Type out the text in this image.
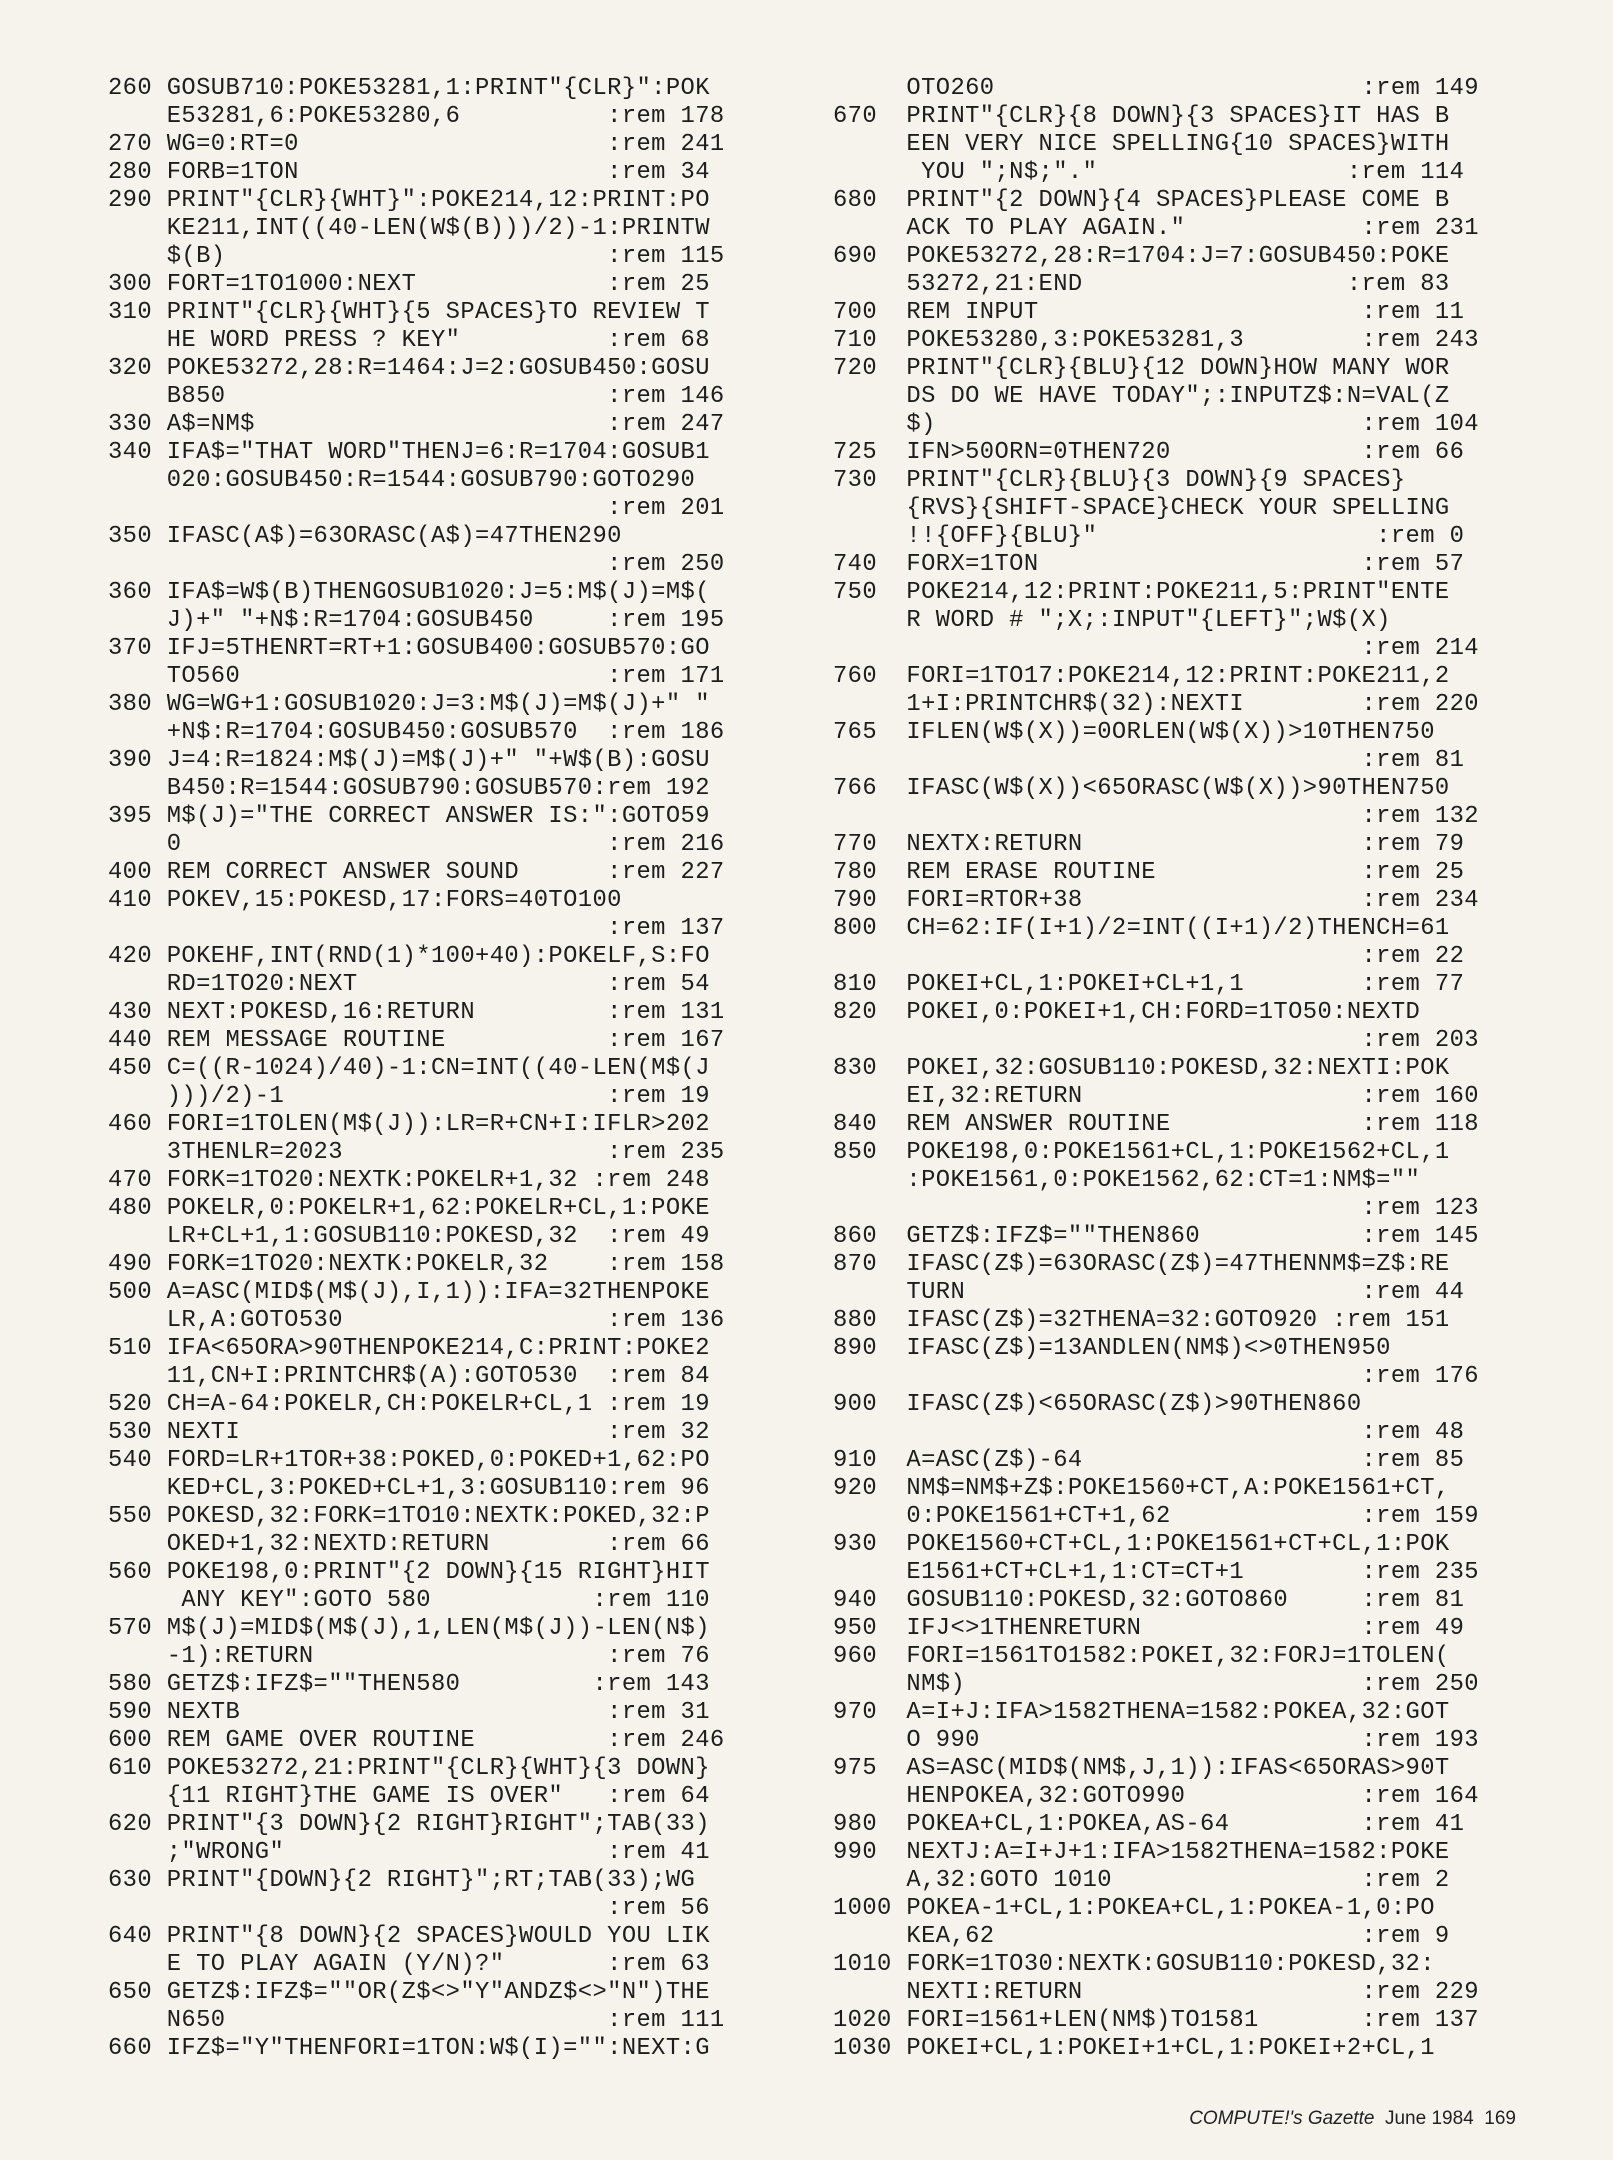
260 GOSUB710:POKE53281,1:PRINT"{CLR}":POK
E53281,6:POKE53280,6          :rem 178
270 WG=0:RT=0                     :rem 241
280 FORB=1TON                     :rem 34
290 PRINT"{CLR}{WHT}":POKE214,12:PRINT:PO
KE211,INT((40-LEN(W$(B)))/2)-1:PRINTW
$(B)                          :rem 115
300 FORT=1TO1000:NEXT             :rem 25
310 PRINT"{CLR}{WHT}{5 SPACES}TO REVIEW T
HE WORD PRESS ? KEY"          :rem 68
320 POKE53272,28:R=1464:J=2:GOSUB450:GOSU
B850                          :rem 146
330 A$=NM$                        :rem 247
340 IFA$="THAT WORD"THENJ=6:R=1704:GOSUB1
020:GOSUB450:R=1544:GOSUB790:GOTO290
:rem 201
350 IFASC(A$)=63ORASC(A$)=47THEN290
:rem 250
360 IFA$=W$(B)THENGOSUB1020:J=5:M$(J)=M$(
J)+" "+N$:R=1704:GOSUB450     :rem 195
370 IFJ=5THENRT=RT+1:GOSUB400:GOSUB570:GO
TO560                         :rem 171
380 WG=WG+1:GOSUB1020:J=3:M$(J)=M$(J)+" "
+N$:R=1704:GOSUB450:GOSUB570  :rem 186
390 J=4:R=1824:M$(J)=M$(J)+" "+W$(B):GOSU
B450:R=1544:GOSUB790:GOSUB570:rem 192
395 M$(J)="THE CORRECT ANSWER IS:":GOTO59
0                             :rem 216
400 REM CORRECT ANSWER SOUND      :rem 227
410 POKEV,15:POKESD,17:FORS=40TO100
:rem 137
420 POKEHF,INT(RND(1)*100+40):POKELF,S:FO
RD=1TO20:NEXT                 :rem 54
430 NEXT:POKESD,16:RETURN         :rem 131
440 REM MESSAGE ROUTINE           :rem 167
450 C=((R-1024)/40)-1:CN=INT((40-LEN(M$(J
)))/2)-1                      :rem 19
460 FORI=1TOLEN(M$(J)):LR=R+CN+I:IFLR>202
3THENLR=2023                  :rem 235
470 FORK=1TO20:NEXTK:POKELR+1,32 :rem 248
480 POKELR,0:POKELR+1,62:POKELR+CL,1:POKE
LR+CL+1,1:GOSUB110:POKESD,32  :rem 49
490 FORK=1TO20:NEXTK:POKELR,32    :rem 158
500 A=ASC(MID$(M$(J),I,1)):IFA=32THENPOKE
LR,A:GOTO530                  :rem 136
510 IFA<65ORA>90THENPOKE214,C:PRINT:POKE2
11,CN+I:PRINTCHR$(A):GOTO530  :rem 84
520 CH=A-64:POKELR,CH:POKELR+CL,1 :rem 19
530 NEXTI                         :rem 32
540 FORD=LR+1TOR+38:POKED,0:POKED+1,62:PO
KED+CL,3:POKED+CL+1,3:GOSUB110:rem 96
550 POKESD,32:FORK=1TO10:NEXTK:POKED,32:P
OKED+1,32:NEXTD:RETURN        :rem 66
560 POKE198,0:PRINT"{2 DOWN}{15 RIGHT}HIT
ANY KEY":GOTO 580           :rem 110
570 M$(J)=MID$(M$(J),1,LEN(M$(J))-LEN(N$)
-1):RETURN                    :rem 76
580 GETZ$:IFZ$=""THEN580         :rem 143
590 NEXTB                         :rem 31
600 REM GAME OVER ROUTINE         :rem 246
610 POKE53272,21:PRINT"{CLR}{WHT}{3 DOWN}
{11 RIGHT}THE GAME IS OVER"   :rem 64
620 PRINT"{3 DOWN}{2 RIGHT}RIGHT";TAB(33)
;"WRONG"                      :rem 41
630 PRINT"{DOWN}{2 RIGHT}";RT;TAB(33);WG
:rem 56
640 PRINT"{8 DOWN}{2 SPACES}WOULD YOU LIK
E TO PLAY AGAIN (Y/N)?"       :rem 63
650 GETZ$:IFZ$=""OR(Z$<>"Y"ANDZ$<>"N")THE
N650                          :rem 111
660 IFZ$="Y"THENFORI=1TON:W$(I)="":NEXT:G
OTO260                         :rem 149
670  PRINT"{CLR}{8 DOWN}{3 SPACES}IT HAS B
EEN VERY NICE SPELLING{10 SPACES}WITH
YOU ";N$;"."                 :rem 114
680  PRINT"{2 DOWN}{4 SPACES}PLEASE COME B
ACK TO PLAY AGAIN."            :rem 231
690  POKE53272,28:R=1704:J=7:GOSUB450:POKE
53272,21:END                  :rem 83
700  REM INPUT                      :rem 11
710  POKE53280,3:POKE53281,3        :rem 243
720  PRINT"{CLR}{BLU}{12 DOWN}HOW MANY WOR
DS DO WE HAVE TODAY";:INPUTZ$:N=VAL(Z
$)                             :rem 104
725  IFN>50ORN=0THEN720             :rem 66
730  PRINT"{CLR}{BLU}{3 DOWN}{9 SPACES}
{RVS}{SHIFT-SPACE}CHECK YOUR SPELLING
!!{OFF}{BLU}"                   :rem 0
740  FORX=1TON                      :rem 57
750  POKE214,12:PRINT:POKE211,5:PRINT"ENTE
R WORD # ";X;:INPUT"{LEFT}";W$(X)
:rem 214
760  FORI=1TO17:POKE214,12:PRINT:POKE211,2
1+I:PRINTCHR$(32):NEXTI        :rem 220
765  IFLEN(W$(X))=0ORLEN(W$(X))>10THEN750
:rem 81
766  IFASC(W$(X))<65ORASC(W$(X))>90THEN750
:rem 132
770  NEXTX:RETURN                   :rem 79
780  REM ERASE ROUTINE              :rem 25
790  FORI=RTOR+38                   :rem 234
800  CH=62:IF(I+1)/2=INT((I+1)/2)THENCH=61
:rem 22
810  POKEI+CL,1:POKEI+CL+1,1        :rem 77
820  POKEI,0:POKEI+1,CH:FORD=1TO50:NEXTD
:rem 203
830  POKEI,32:GOSUB110:POKESD,32:NEXTI:POK
EI,32:RETURN                   :rem 160
840  REM ANSWER ROUTINE             :rem 118
850  POKE198,0:POKE1561+CL,1:POKE1562+CL,1
:POKE1561,0:POKE1562,62:CT=1:NM$=""
:rem 123
860  GETZ$:IFZ$=""THEN860           :rem 145
870  IFASC(Z$)=63ORASC(Z$)=47THENNM$=Z$:RE
TURN                           :rem 44
880  IFASC(Z$)=32THENA=32:GOTO920 :rem 151
890  IFASC(Z$)=13ANDLEN(NM$)<>0THEN950
:rem 176
900  IFASC(Z$)<65ORASC(Z$)>90THEN860
:rem 48
910  A=ASC(Z$)-64                   :rem 85
920  NM$=NM$+Z$:POKE1560+CT,A:POKE1561+CT,
0:POKE1561+CT+1,62             :rem 159
930  POKE1560+CT+CL,1:POKE1561+CT+CL,1:POK
E1561+CT+CL+1,1:CT=CT+1        :rem 235
940  GOSUB110:POKESD,32:GOTO860     :rem 81
950  IFJ<>1THENRETURN               :rem 49
960  FORI=1561TO1582:POKEI,32:FORJ=1TOLEN(
NM$)                           :rem 250
970  A=I+J:IFA>1582THENA=1582:POKEA,32:GOT
O 990                          :rem 193
975  AS=ASC(MID$(NM$,J,1)):IFAS<65ORAS>90T
HENPOKEA,32:GOTO990            :rem 164
980  POKEA+CL,1:POKEA,AS-64         :rem 41
990  NEXTJ:A=I+J+1:IFA>1582THENA=1582:POKE
A,32:GOTO 1010                 :rem 2
1000 POKEA-1+CL,1:POKEA+CL,1:POKEA-1,0:PO
KEA,62                         :rem 9
1010 FORK=1TO30:NEXTK:GOSUB110:POKESD,32:
NEXTI:RETURN                   :rem 229
1020 FORI=1561+LEN(NM$)TO1581       :rem 137
1030 POKEI+CL,1:POKEI+1+CL,1:POKEI+2+CL,1
COMPUTE!'s Gazette June 1984 169
